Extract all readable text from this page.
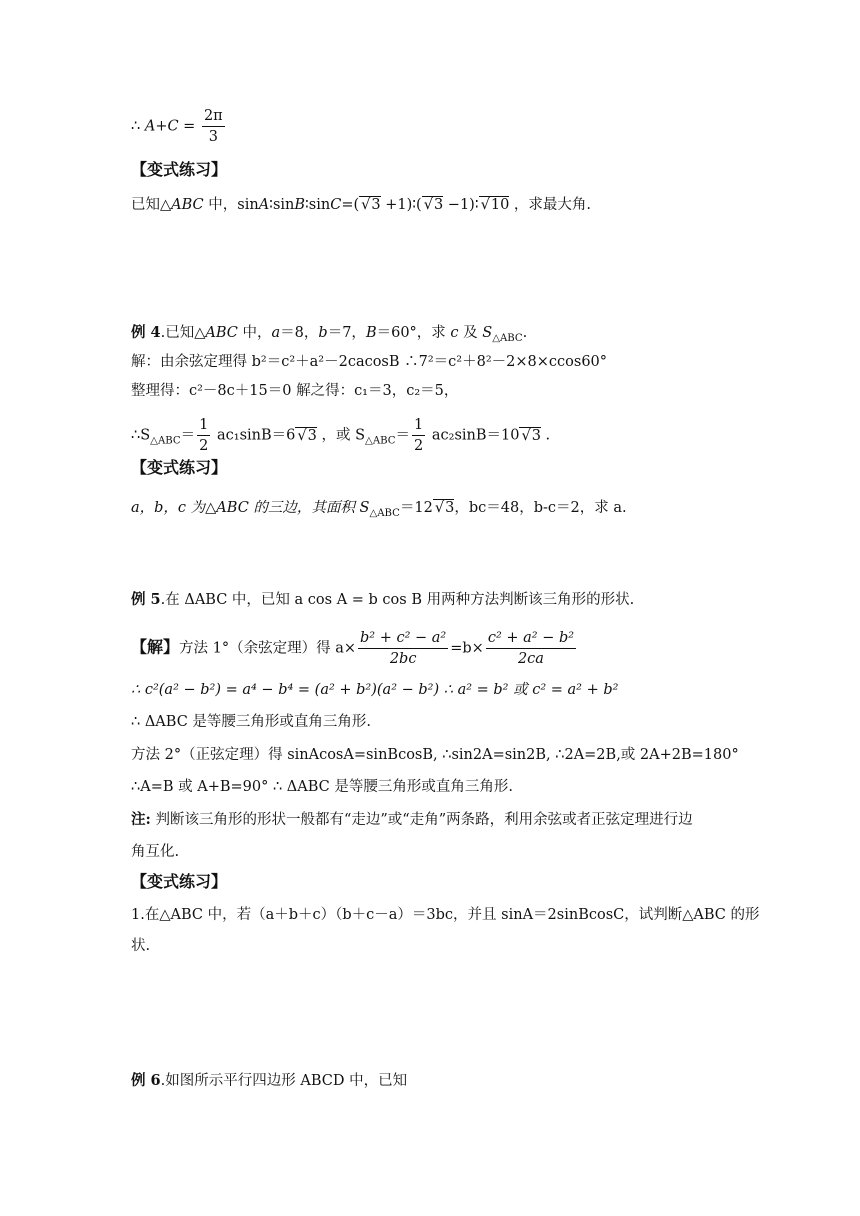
∴ $A+C = \frac{2\pi}{3}$
【变式练习】
已知△ABC 中，sinA∶sinB∶sinC=(√ 3 +1)∶(√ 3 −1)∶√ 10 ，求最大角.
例 4.已知△ABC 中，a＝8，b＝7，B＝60°，求 c 及 $S_{\triangle ABC}$.
解：由余弦定理得 b²＝c²＋a²－2cacosB ∴7²＝c²＋8²－2×8×ccos60°
整理得：c²－8c＋15＝0 解之得：c₁＝3，c₂＝5，
$\therefore S_{\triangle ABC}= \frac{1}{2} ac_1\sin B=6√$ 3 ，或 $S_{\triangle ABC}= \frac{1}{2} ac_2\sin B=10√$ 3 .
【变式练习】
a，b，c 为△ABC 的三边，其面积 $S_{\triangle ABC}=12√$ 3，bc＝48，b-c＝2，求 a.
例 5.在 ΔABC 中，已知 a cos A = b cos B 用两种方法判断该三角形的形状.
【解】方法 1°（余弦定理）得 $a\times \frac{\text{b² + c² − a²}}{2bc} =b\times \frac{\text{c² + a² − b²}}{2ca}$
∴ c²(a² − b²) = a⁴ − b⁴ = (a² + b²)(a² − b²) ∴ a² = b² 或 c² = a² + b²
∴ ΔABC 是等腰三角形或直角三角形.
方法 2°（正弦定理）得 sinAcosA=sinBcosB, ∴sin2A=sin2B, ∴2A=2B,或 2A+2B=180°
∴A=B 或 A+B=90° ∴ ΔABC 是等腰三角形或直角三角形.
注: 判断该三角形的形状一般都有“走边”或“走角”两条路，利用余弦或者正弦定理进行边
角互化.
【变式练习】
1.在△ABC 中，若（a＋b＋c）（b＋c－a）＝3bc，并且 sinA＝2sinBcosC，试判断△ABC 的形
状.
例 6.如图所示平行四边形 ABCD 中，已知
